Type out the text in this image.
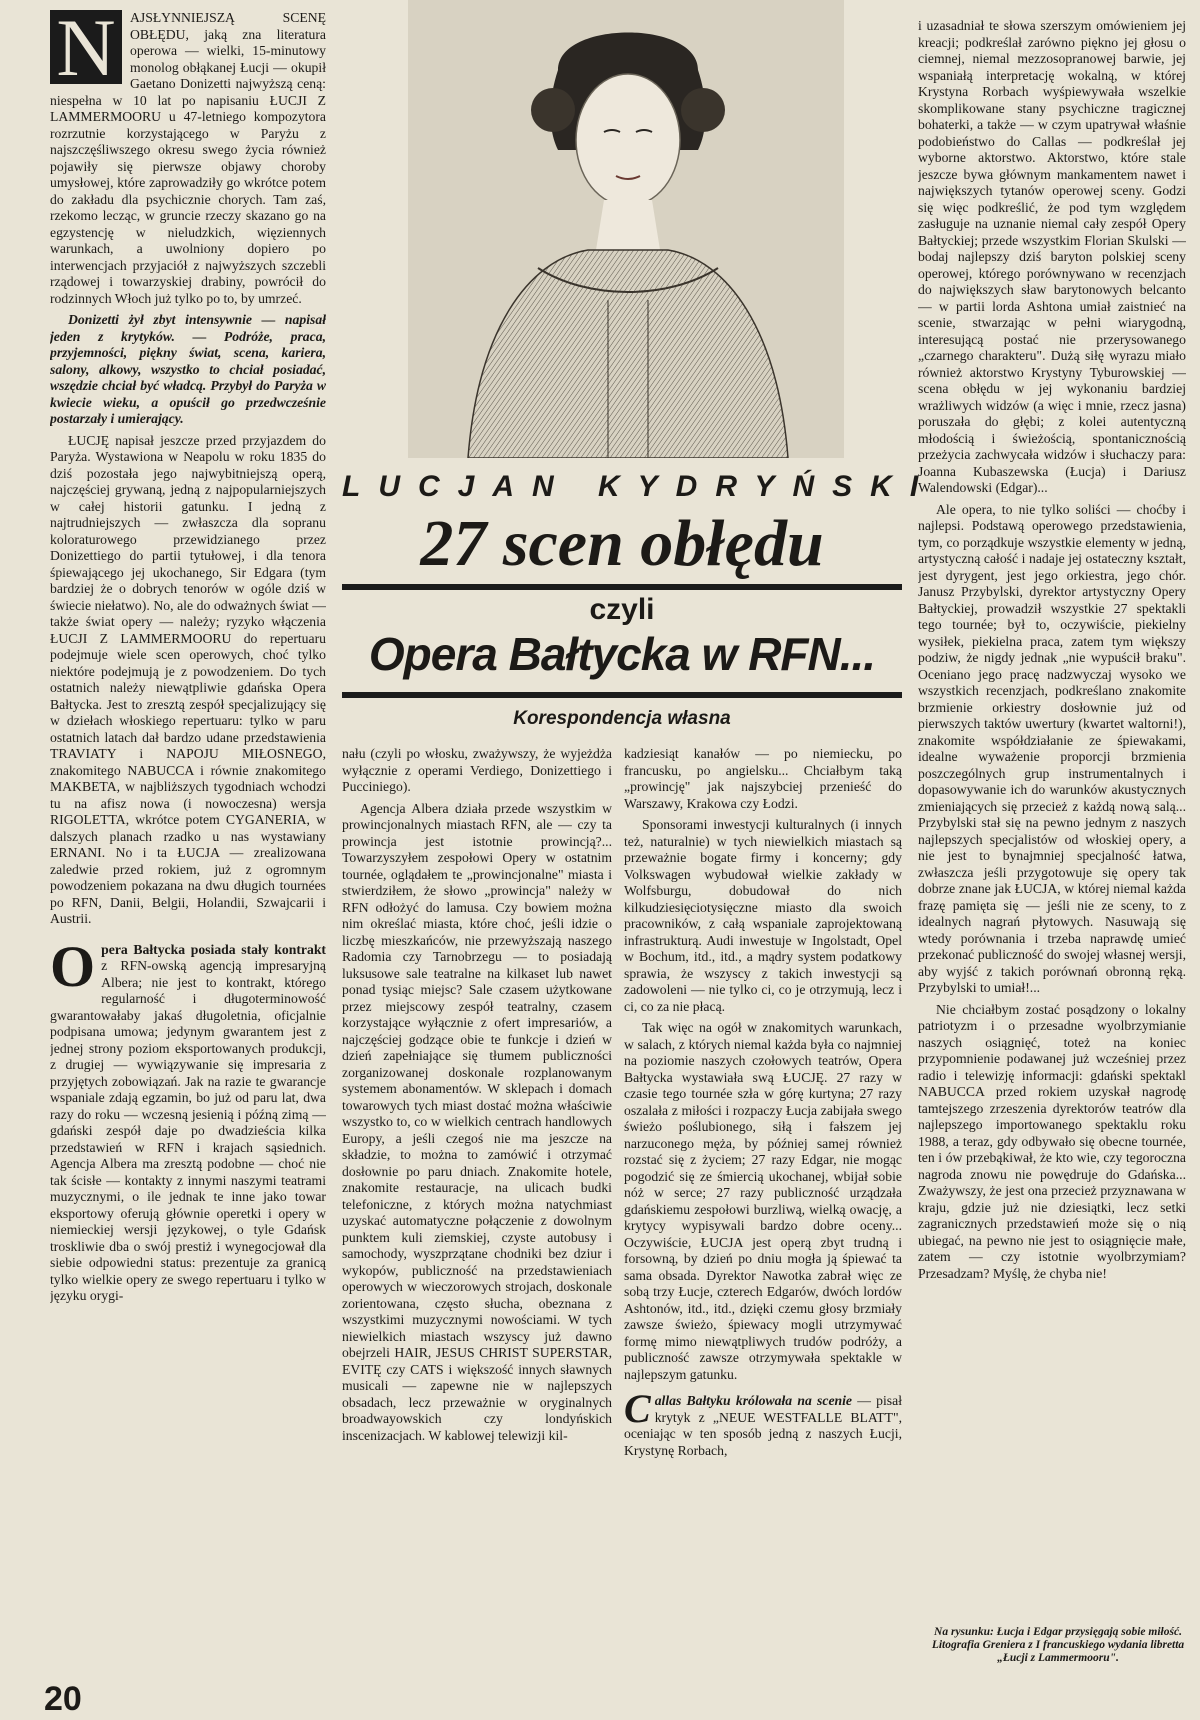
N	AJSŁYNNIEJSZĄ SCENĘ OBŁĘDU, jaką zna literatura operowa — wielki, 15-minutowy monolog obłąkanej Łucji — okupił Gaetano Donizetti najwyższą ceną: niespełna w 10 lat po napisaniu ŁUCJI Z LAMMERMOORU u 47-letniego kompozytora rozrzutnie korzystającego w Paryżu z najszczęśliwszego okresu swego życia również pojawiły się pierwsze objawy choroby umysłowej, które zaprowadziły go wkrótce potem do zakładu dla psychicznie chorych. Tam zaś, rzekomo lecząc, w gruncie rzeczy skazano go na egzystencję w nieludzkich, więziennych warunkach, a uwolniony dopiero po interwencjach przyjaciół z najwyższych szczebli rządowej i towarzyskiej drabiny, powrócił do rodzinnych Włoch już tylko po to, by umrzeć.

Donizetti żył zbyt intensywnie — napisał jeden z krytyków. — Podróże, praca, przyjemności, piękny świat, scena, kariera, salony, alkowy, wszystko to chciał posiadać, wszędzie chciał być władcą. Przybył do Paryża w kwiecie wieku, a opuścił go przedwcześnie postarzały i umierający.

ŁUCJĘ napisał jeszcze przed przyjazdem do Paryża. Wystawiona w Neapolu w roku 1835 do dziś pozostała jego najwybitniejszą operą, najczęściej grywaną, jedną z najpopularniejszych w całej historii gatunku. I jedną z najtrudniejszych — zwłaszcza dla sopranu koloraturowego przewidzianego przez Donizettiego do partii tytułowej, i dla tenora śpiewającego jej ukochanego, Sir Edgara (tym bardziej że o dobrych tenorów w ogóle dziś w świecie niełatwo). No, ale do odważnych świat — także świat opery — należy; ryzyko włączenia ŁUCJI Z LAMMERMOORU do repertuaru podejmuje wiele scen operowych, choć tylko niektóre podejmują je z powodzeniem. Do tych ostatnich należy niewątpliwie gdańska Opera Bałtycka. Jest to zresztą zespół specjalizujący się w dziełach włoskiego repertuaru: tylko w paru ostatnich latach dał bardzo udane przedstawienia TRAVIATY i NAPOJU MIŁOSNEGO, znakomitego NABUCCA i równie znakomitego MAKBETA, w najbliższych tygodniach wchodzi tu na afisz nowa (i nowoczesna) wersja RIGOLETTA, wkrótce potem CYGANERIA, w dalszych planach rzadko u nas wystawiany ERNANI. No i ta ŁUCJA — zrealizowana zaledwie przed rokiem, już z ogromnym powodzeniem pokazana na dwu długich tournées po RFN, Danii, Belgii, Holandii, Szwajcarii i Austrii.

Opera Bałtycka posiada stały kontrakt z RFN-owską agencją impresaryjną Albera; nie jest to kontrakt, którego regularność i długoterminowość gwarantowałaby jakaś długoletnia, oficjalnie podpisana umowa; jedynym gwarantem jest z jednej strony poziom eksportowanych produkcji, z drugiej — wywiązywanie się impresaria z przyjętych zobowiązań. Jak na razie te gwarancje wspaniale zdają egzamin, bo już od paru lat, dwa razy do roku — wczesną jesienią i późną zimą — gdański zespół daje po dwadzieścia kilka przedstawień w RFN i krajach sąsiednich. Agencja Albera ma zresztą podobne — choć nie tak ścisłe — kontakty z innymi naszymi teatrami muzycznymi, o ile jednak te inne jako towar eksportowy oferują głównie operetki i opery w niemieckiej wersji językowej, o tyle Gdańsk troskliwie dba o swój prestiż i wynegocjował dla siebie odpowiedni status: prezentuje za granicą tylko wielkie opery ze swego repertuaru i tylko w języku orygi-

LUCJAN KYDRYŃSKI
27 scen obłędu
czyli
Opera Bałtycka w RFN...
Korespondencja własna

nału (czyli po włosku, zważywszy, że wyjeżdża wyłącznie z operami Verdiego, Donizettiego i Pucciniego).

Agencja Albera działa przede wszystkim w prowincjonalnych miastach RFN, ale — czy ta prowincja jest istotnie prowincją?... Towarzyszyłem zespołowi Opery w ostatnim tournée, oglądałem te „prowincjonalne" miasta i stwierdziłem, że słowo „prowincja" należy w RFN odłożyć do lamusa. Czy bowiem można nim określać miasta, które choć, jeśli idzie o liczbę mieszkańców, nie przewyższają naszego Radomia czy Tarnobrzegu — to posiadają luksusowe sale teatralne na kilkaset lub nawet ponad tysiąc miejsc? Sale czasem użytkowane przez miejscowy zespół teatralny, czasem korzystające wyłącznie z ofert impresariów, a najczęściej godzące obie te funkcje i dzień w dzień zapełniające się tłumem publiczności zorganizowanej doskonale rozplanowanym systemem abonamentów. W sklepach i domach towarowych tych miast dostać można właściwie wszystko to, co w wielkich centrach handlowych Europy, a jeśli czegoś nie ma jeszcze na składzie, to można to zamówić i otrzymać dosłownie po paru dniach. Znakomite hotele, znakomite restauracje, na ulicach budki telefoniczne, z których można natychmiast uzyskać automatyczne połączenie z dowolnym punktem kuli ziemskiej, czyste autobusy i samochody, wyszprzątane chodniki bez dziur i wykopów, publiczność na przedstawieniach operowych w wieczorowych strojach, doskonale zorientowana, często słucha, obeznana z wszystkimi muzycznymi nowościami. W tych niewielkich miastach wszyscy już dawno obejrzeli HAIR, JESUS CHRIST SUPERSTAR, EVITĘ czy CATS i większość innych sławnych musicali — zapewne nie w najlepszych obsadach, lecz przeważnie w oryginalnych broadwayowskich czy londyńskich inscenizacjach. W kablowej telewizji kil-

kadziesiąt kanałów — po niemiecku, po francusku, po angielsku... Chciałbym taką „prowincję" jak najszybciej przenieść do Warszawy, Krakowa czy Łodzi.

Sponsorami inwestycji kulturalnych (i innych też, naturalnie) w tych niewielkich miastach są przeważnie bogate firmy i koncerny; gdy Volkswagen wybudował wielkie zakłady w Wolfsburgu, dobudował do nich kilkudziesięciotysięczne miasto dla swoich pracowników, z całą wspaniale zaprojektowaną infrastrukturą. Audi inwestuje w Ingolstadt, Opel w Bochum, itd., itd., a mądry system podatkowy sprawia, że wszyscy z takich inwestycji są zadowoleni — nie tylko ci, co je otrzymują, lecz i ci, co za nie płacą.

Tak więc na ogół w znakomitych warunkach, w salach, z których niemal każda była co najmniej na poziomie naszych czołowych teatrów, Opera Bałtycka wystawiała swą ŁUCJĘ. 27 razy w czasie tego tournée szła w górę kurtyna; 27 razy oszalała z miłości i rozpaczy Łucja zabijała swego świeżo poślubionego, siłą i fałszem jej narzuconego męża, by później samej również rozstać się z życiem; 27 razy Edgar, nie mogąc pogodzić się ze śmiercią ukochanej, wbijał sobie nóż w serce; 27 razy publiczność urządzała gdańskiemu zespołowi burzliwą, wielką owację, a krytycy wypisywali bardzo dobre oceny... Oczywiście, ŁUCJA jest operą zbyt trudną i forsowną, by dzień po dniu mogła ją śpiewać ta sama obsada. Dyrektor Nawotka zabrał więc ze sobą trzy Łucje, czterech Edgarów, dwóch lordów Ashtonów, itd., itd., dzięki czemu głosy brzmiały zawsze świeżo, śpiewacy mogli utrzymywać formę mimo niewątpliwych trudów podróży, a publiczność zawsze otrzymywała spektakle w najlepszym gatunku.

Callas Bałtyku królowała na scenie — pisał krytyk z „NEUE WESTFALLE BLATT", oceniając w ten sposób jedną z naszych Łucji, Krystynę Rorbach,

i uzasadniał te słowa szerszym omówieniem jej kreacji; podkreślał zarówno piękno jej głosu o ciemnej, niemal mezzosopranowej barwie, jej wspaniałą interpretację wokalną, w której Krystyna Rorbach wyśpiewywała wszelkie skomplikowane stany psychiczne tragicznej bohaterki, a także — w czym upatrywał właśnie podobieństwo do Callas — podkreślał jej wyborne aktorstwo. Aktorstwo, które stale jeszcze bywa głównym mankamentem nawet i największych tytanów operowej sceny. Godzi się więc podkreślić, że pod tym względem zasługuje na uznanie niemal cały zespół Opery Bałtyckiej; przede wszystkim Florian Skulski — bodaj najlepszy dziś baryton polskiej sceny operowej, którego porównywano w recenzjach do największych sław barytonowych belcanto — w partii lorda Ashtona umiał zaistnieć na scenie, stwarzając w pełni wiarygodną, interesującą postać nie przerysowanego „czarnego charakteru". Dużą siłę wyrazu miało również aktorstwo Krystyny Tyburowskiej — scena obłędu w jej wykonaniu bardziej wrażliwych widzów (a więc i mnie, rzecz jasna) poruszała do głębi; z kolei autentyczną młodością i świeżością, spontanicznością przeżycia zachwycała widzów i słuchaczy para: Joanna Kubaszewska (Łucja) i Dariusz Walendowski (Edgar)...

Ale opera, to nie tylko soliści — choćby i najlepsi. Podstawą operowego przedstawienia, tym, co porządkuje wszystkie elementy w jedną, artystyczną całość i nadaje jej ostateczny kształt, jest dyrygent, jest jego orkiestra, jego chór. Janusz Przybylski, dyrektor artystyczny Opery Bałtyckiej, prowadził wszystkie 27 spektakli tego tournée; był to, oczywiście, piekielny wysiłek, piekielna praca, zatem tym większy podziw, że nigdy jednak „nie wypuścił braku". Oceniano jego pracę nadzwyczaj wysoko we wszystkich recenzjach, podkreślano znakomite brzmienie orkiestry dosłownie już od pierwszych taktów uwertury (kwartet waltorni!), znakomite współdziałanie ze śpiewakami, idealne wyważenie proporcji brzmienia poszczególnych grup instrumentalnych i dopasowywanie ich do warunków akustycznych zmieniających się przecież z każdą nową salą... Przybylski stał się na pewno jednym z naszych najlepszych specjalistów od włoskiej opery, a nie jest to bynajmniej specjalność łatwa, zwłaszcza jeśli przygotowuje się opery tak dobrze znane jak ŁUCJA, w której niemal każda frazę pamięta się — jeśli nie ze sceny, to z idealnych nagrań płytowych. Nasuwają się wtedy porównania i trzeba naprawdę umieć przekonać publiczność do swojej własnej wersji, aby wyjść z takich porównań obronną ręką. Przybylski to umiał!...

Nie chciałbym zostać posądzony o lokalny patriotyzm i o przesadne wyolbrzymianie naszych osiągnięć, toteż na koniec przypomnienie podawanej już wcześniej przez radio i telewizję informacji: gdański spektakl NABUCCA przed rokiem uzyskał nagrodę tamtejszego zrzeszenia dyrektorów teatrów dla najlepszego importowanego spektaklu roku 1988, a teraz, gdy odbywało się obecne tournée, ten i ów przebąkiwał, że kto wie, czy tegoroczna nagroda znowu nie powędruje do Gdańska... Zważywszy, że jest ona przecież przyznawana w kraju, gdzie już nie dziesiątki, lecz setki zagranicznych przedstawień może się o nią ubiegać, na pewno nie jest to osiągnięcie małe, zatem — czy istotnie wyolbrzymiam? Przesadzam? Myślę, że chyba nie!

Na rysunku: Łucja i Edgar przysięgają sobie miłość. Litografia Greniera z I francuskiego wydania libretta „Łucji z Lammermooru".
20
